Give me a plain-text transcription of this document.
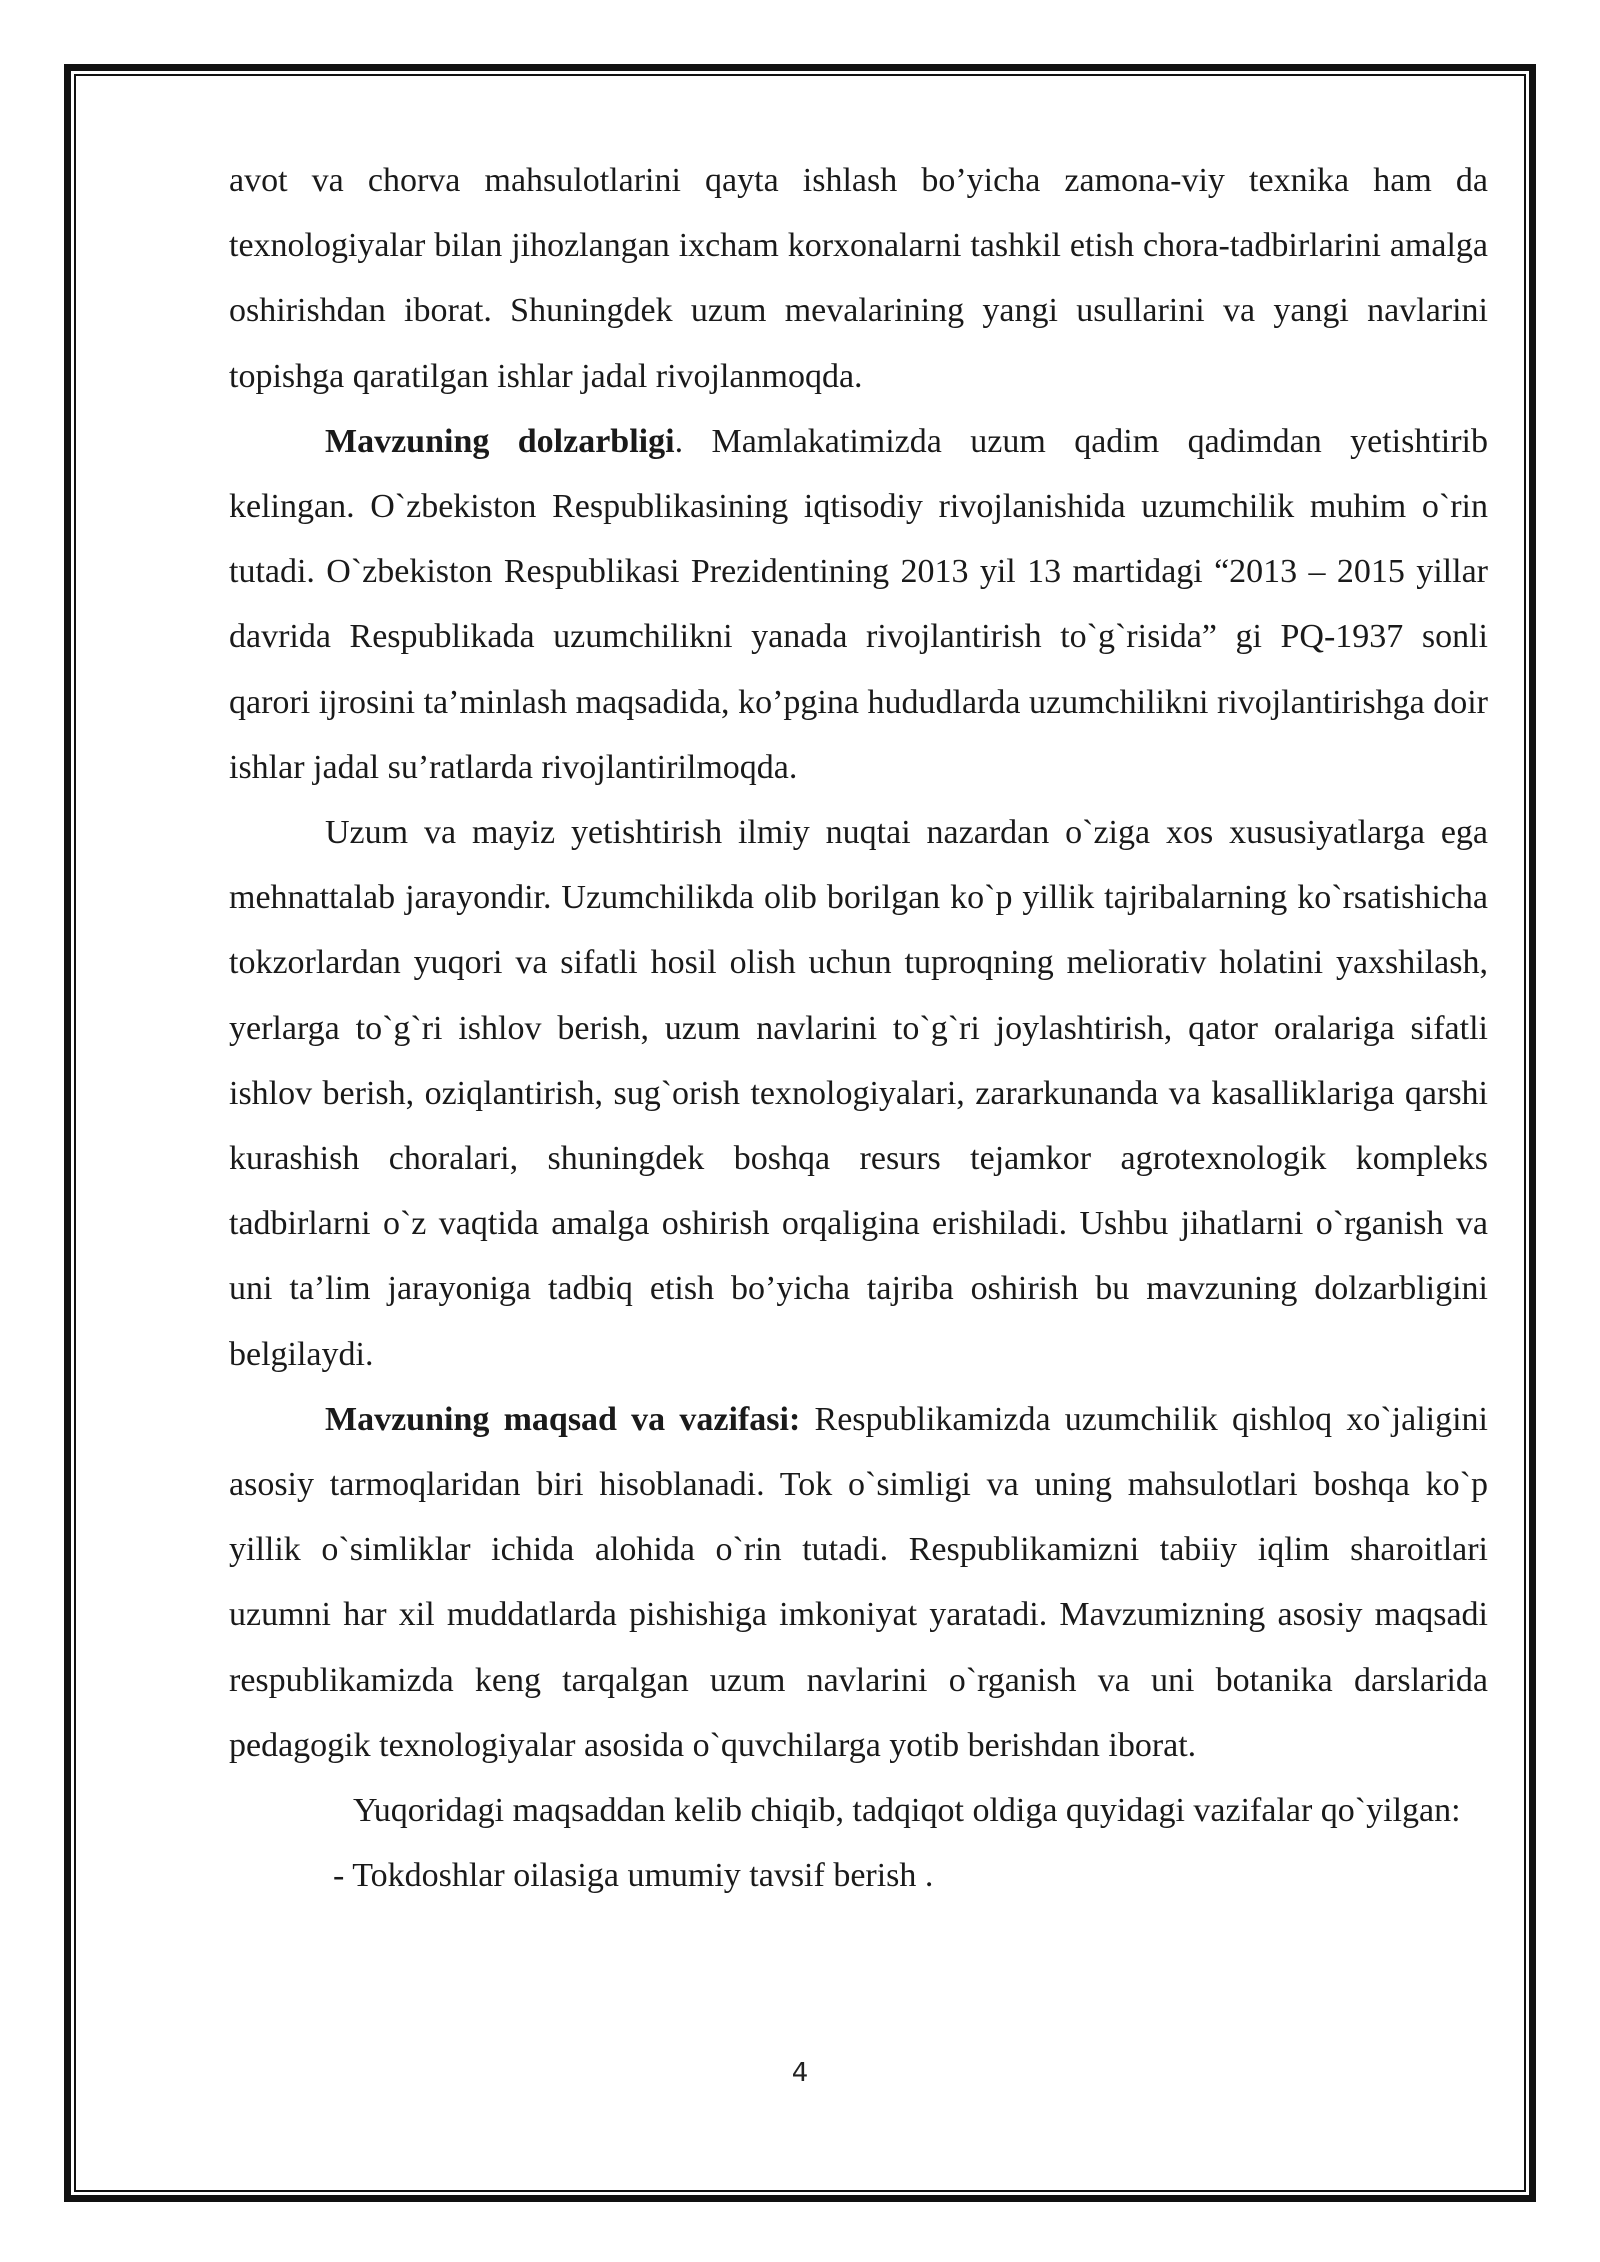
avot va chorva mahsulotlarini qayta ishlash bo’yicha zamona-viy texnika ham da texnologiyalar bilan jihozlangan ixcham korxonalarni tashkil etish chora-tadbirlarini amalga oshirishdan iborat. Shuningdek uzum mevalarining yangi usullarini va yangi navlarini topishga qaratilgan ishlar jadal rivojlanmoqda.

Mavzuning dolzarbligi. Mamlakatimizda uzum qadim qadimdan yetishtirib kelingan. O`zbekiston Respublikasining iqtisodiy rivojlanishida uzumchilik muhim o`rin tutadi. O`zbekiston Respublikasi Prezidentining 2013 yil 13 martidagi “2013 – 2015 yillar davrida Respublikada uzumchilikni yanada rivojlantirish to`g`risida” gi PQ-1937 sonli qarori ijrosini ta’minlash maqsadida, ko’pgina hududlarda uzumchilikni rivojlantirishga doir ishlar jadal su’ratlarda rivojlantirilmoqda.

Uzum va mayiz yetishtirish ilmiy nuqtai nazardan o`ziga xos xususiyatlarga ega mehnattalab jarayondir. Uzumchilikda olib borilgan ko`p yillik tajribalarning ko`rsatishicha tokzorlardan yuqori va sifatli hosil olish uchun tuproqning meliorativ holatini yaxshilash, yerlarga to`g`ri ishlov berish, uzum navlarini to`g`ri joylashtirish, qator oralariga sifatli ishlov berish, oziqlantirish, sug`orish texnologiyalari, zararkunanda va kasalliklariga qarshi kurashish choralari, shuningdek boshqa resurs tejamkor agrotexnologik kompleks tadbirlarni o`z vaqtida amalga oshirish orqaligina erishiladi. Ushbu jihatlarni o`rganish va uni ta’lim jarayoniga tadbiq etish bo’yicha tajriba oshirish bu mavzuning dolzarbligini belgilaydi.

Mavzuning maqsad va vazifasi: Respublikamizda uzumchilik qishloq xo`jaligini asosiy tarmoqlaridan biri hisoblanadi. Tok o`simligi va uning mahsulotlari boshqa ko`p yillik o`simliklar ichida alohida o`rin tutadi. Respublikamizni tabiiy iqlim sharoitlari uzumni har xil muddatlarda pishishiga imkoniyat yaratadi. Mavzumizning asosiy maqsadi respublikamizda keng tarqalgan uzum navlarini o`rganish va uni botanika darslarida pedagogik texnologiyalar asosida o`quvchilarga yotib berishdan iborat.

Yuqoridagi maqsaddan kelib chiqib, tadqiqot oldiga quyidagi vazifalar qo`yilgan:

- Tokdoshlar oilasiga umumiy tavsif berish .

4
